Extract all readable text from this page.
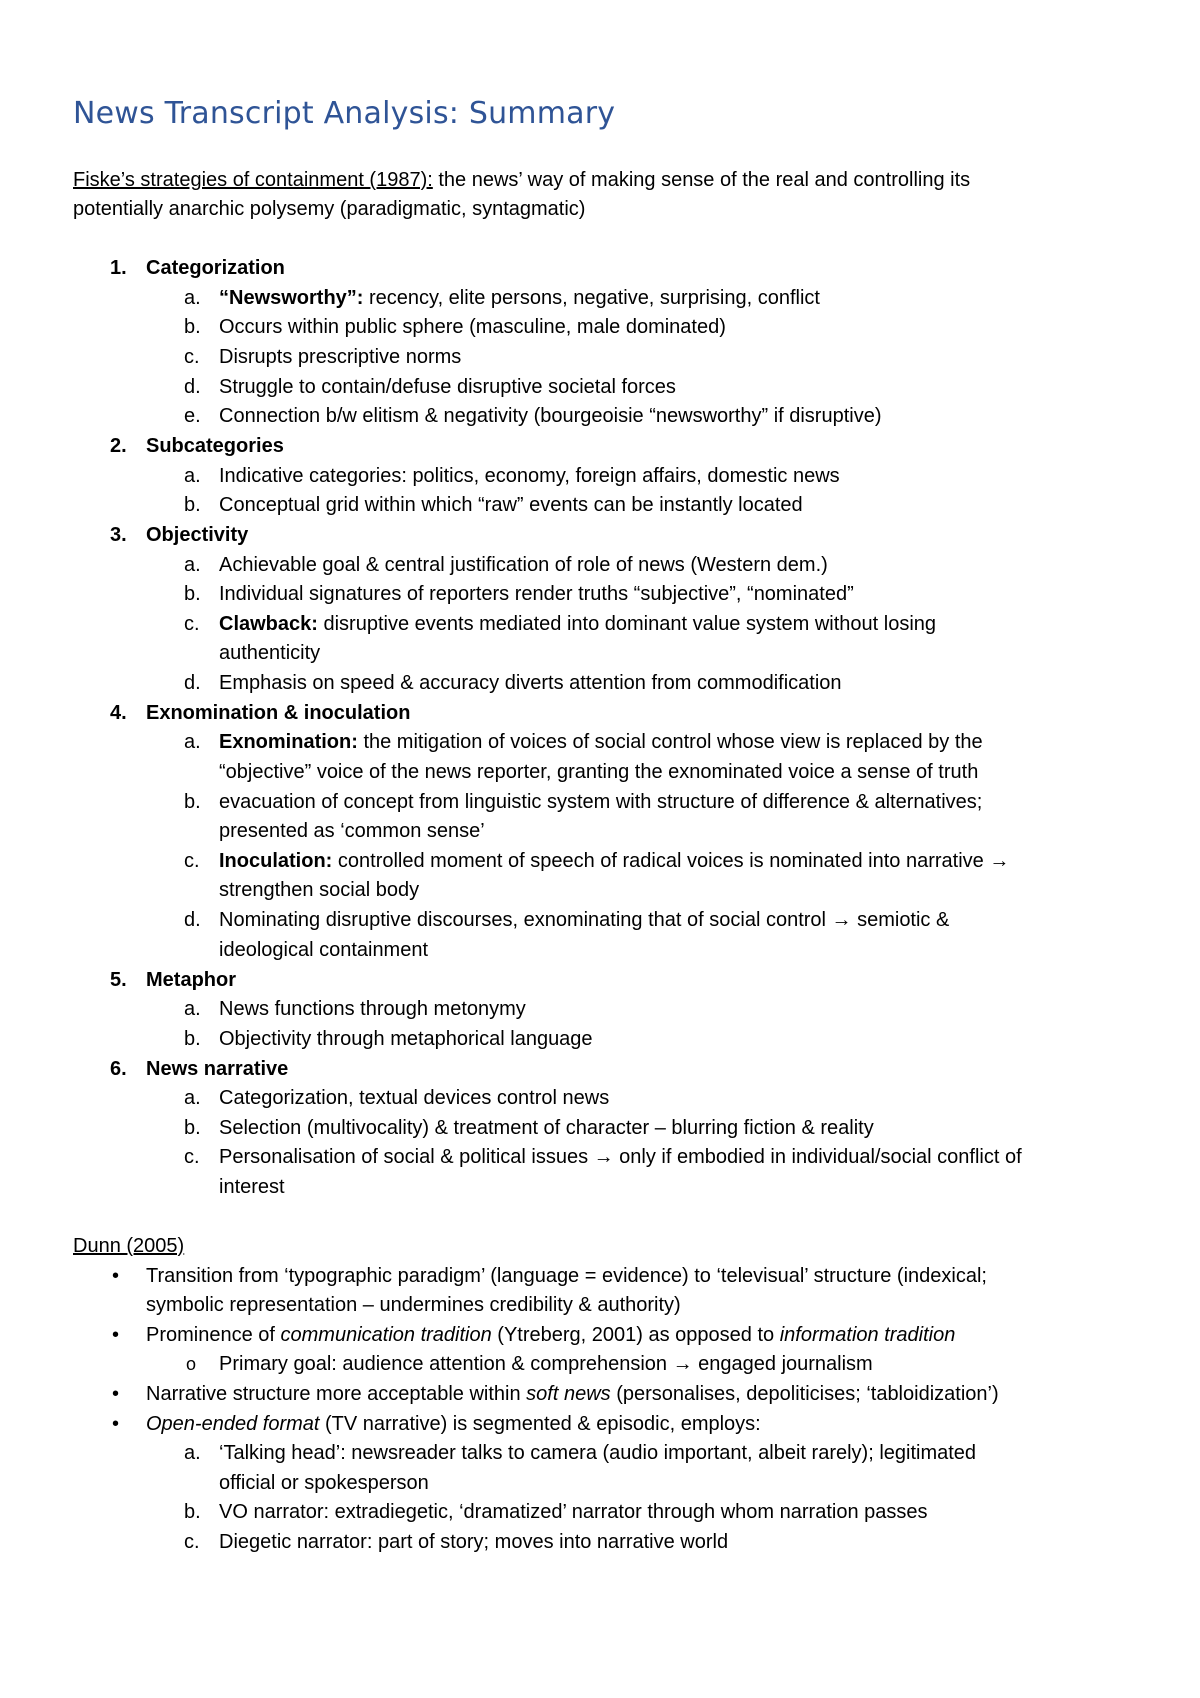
News Transcript Analysis: Summary
Fiske’s strategies of containment (1987): the news’ way of making sense of the real and controlling its
potentially anarchic polysemy (paradigmatic, syntagmatic)
1. Categorization
a. “Newsworthy”: recency, elite persons, negative, surprising, conflict
b. Occurs within public sphere (masculine, male dominated)
c. Disrupts prescriptive norms
d. Struggle to contain/defuse disruptive societal forces
e. Connection b/w elitism & negativity (bourgeoisie “newsworthy” if disruptive)
2. Subcategories
a. Indicative categories: politics, economy, foreign affairs, domestic news
b. Conceptual grid within which “raw” events can be instantly located
3. Objectivity
a. Achievable goal & central justification of role of news (Western dem.)
b. Individual signatures of reporters render truths “subjective”, “nominated”
c. Clawback: disruptive events mediated into dominant value system without losing
authenticity
d. Emphasis on speed & accuracy diverts attention from commodification
4. Exnomination & inoculation
a. Exnomination: the mitigation of voices of social control whose view is replaced by the
“objective” voice of the news reporter, granting the exnominated voice a sense of truth
b. evacuation of concept from linguistic system with structure of difference & alternatives;
presented as ‘common sense’
c. Inoculation: controlled moment of speech of radical voices is nominated into narrative →
strengthen social body
d. Nominating disruptive discourses, exnominating that of social control → semiotic &
ideological containment
5. Metaphor
a. News functions through metonymy
b. Objectivity through metaphorical language
6. News narrative
a. Categorization, textual devices control news
b. Selection (multivocality) & treatment of character – blurring fiction & reality
c. Personalisation of social & political issues → only if embodied in individual/social conflict of
interest
Dunn (2005)
• Transition from ‘typographic paradigm’ (language = evidence) to ‘televisual’ structure (indexical;
symbolic representation – undermines credibility & authority)
• Prominence of communication tradition (Ytreberg, 2001) as opposed to information tradition
o Primary goal: audience attention & comprehension → engaged journalism
• Narrative structure more acceptable within soft news (personalises, depoliticises; ‘tabloidization’)
• Open-ended format (TV narrative) is segmented & episodic, employs:
a. ‘Talking head’: newsreader talks to camera (audio important, albeit rarely); legitimated
official or spokesperson
b. VO narrator: extradiegetic, ‘dramatized’ narrator through whom narration passes
c. Diegetic narrator: part of story; moves into narrative world
